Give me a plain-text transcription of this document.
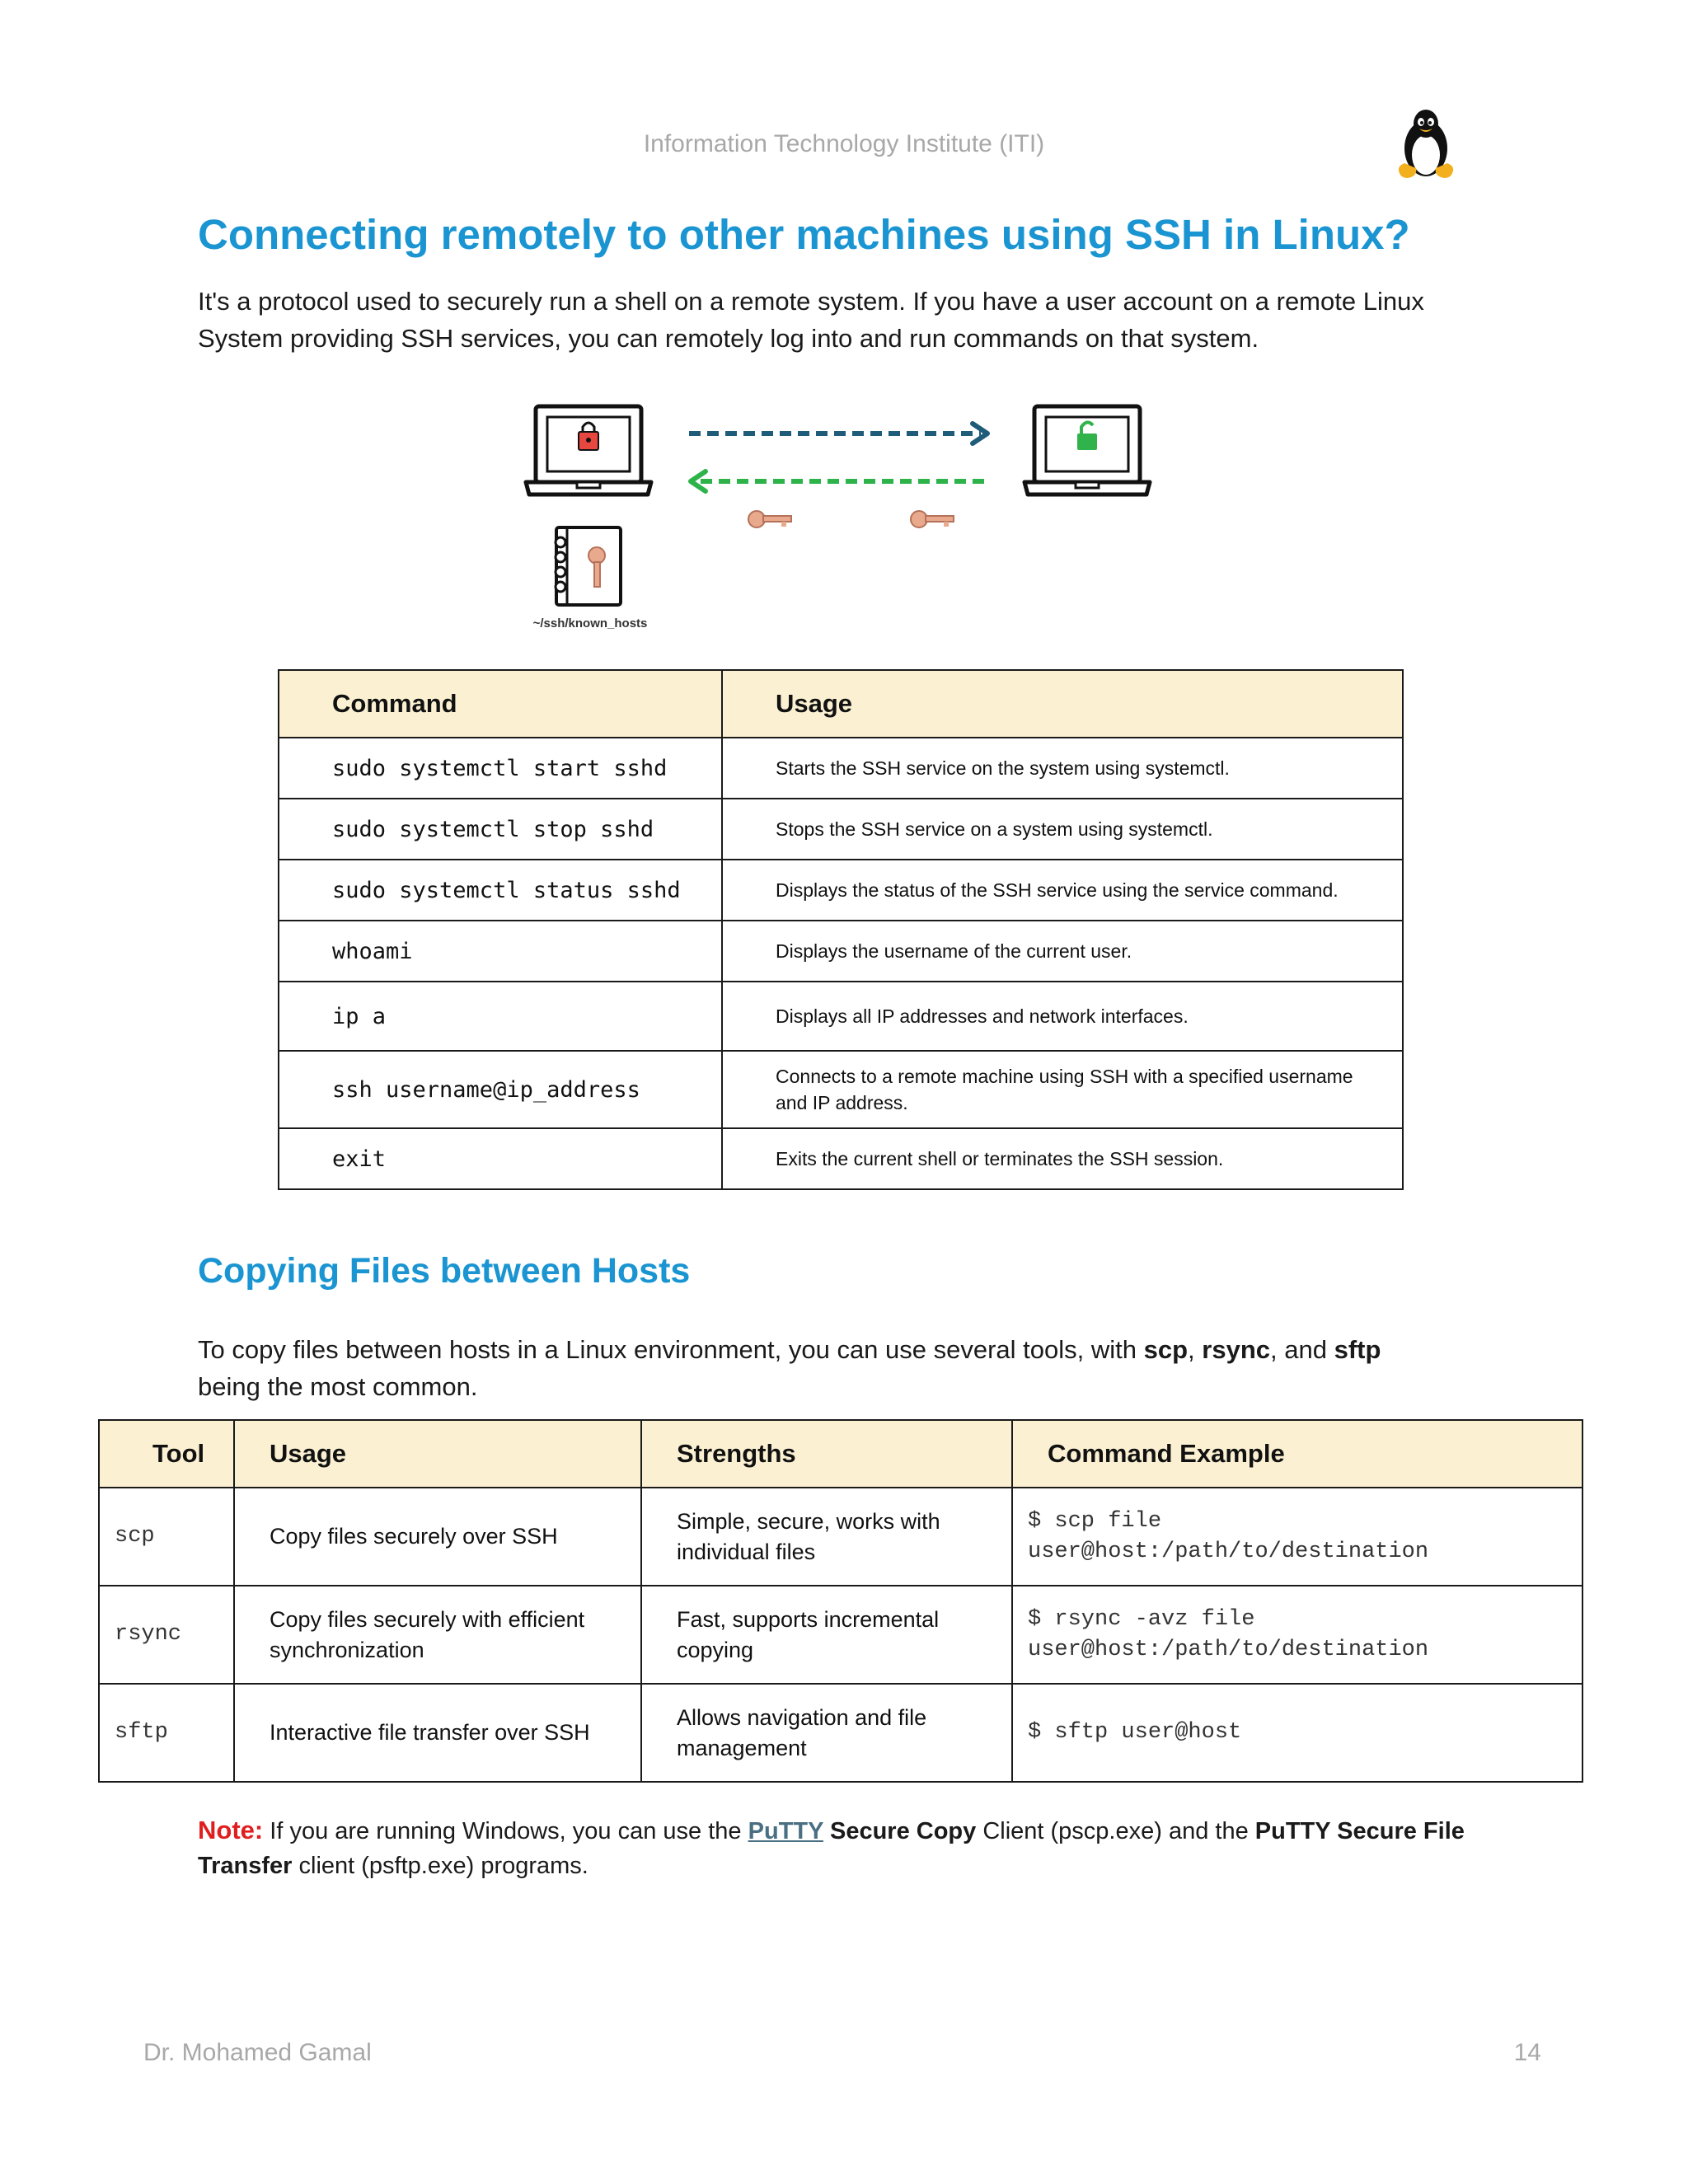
Information Technology Institute (ITI)
Connecting remotely to other machines using SSH in Linux?
It's a protocol used to securely run a shell on a remote system. If you have a user account on a remote Linux
System providing SSH services, you can remotely log into and run commands on that system.
~/ssh/known_hosts
Command	Usage
sudo systemctl start sshd	Starts the SSH service on the system using systemctl.
sudo systemctl stop sshd	Stops the SSH service on a system using systemctl.
sudo systemctl status sshd	Displays the status of the SSH service using the service command.
whoami	Displays the username of the current user.
ip a	Displays all IP addresses and network interfaces.
ssh username@ip_address	Connects to a remote machine using SSH with a specified username and IP address.
exit	Exits the current shell or terminates the SSH session.
Copying Files between Hosts
To copy files between hosts in a Linux environment, you can use several tools, with scp, rsync, and sftp
being the most common.
Tool	Usage	Strengths	Command Example
scp	Copy files securely over SSH	Simple, secure, works with individual files	$ scp file
user@host:/path/to/destination

rsync	Copy files securely with efficient synchronization	Fast, supports incremental copying	$ rsync -avz file
user@host:/path/to/destination

sftp	Interactive file transfer over SSH	Allows navigation and file management	$ sftp user@host
Note: If you are running Windows, you can use the PuTTY Secure Copy Client (pscp.exe) and the PuTTY Secure File
Transfer client (psftp.exe) programs.
Dr. Mohamed Gamal	14
